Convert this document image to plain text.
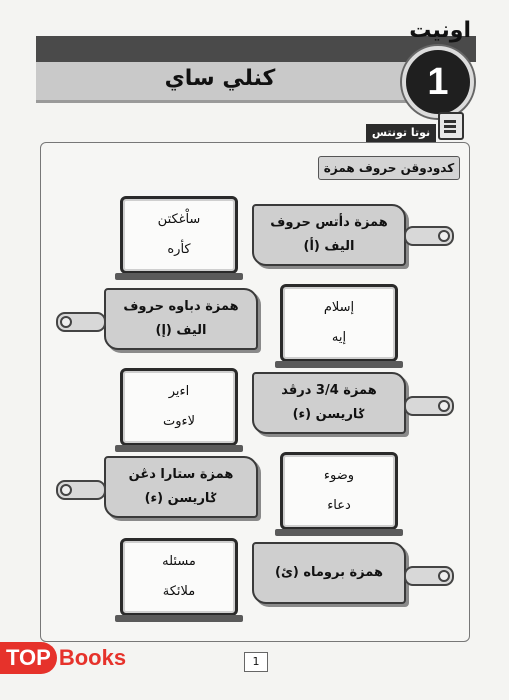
اونيت
1
كنلي ساي
نوتا تونتس
كدودوقن حروف همزة
ساْغكتن
كأره
همزة دأتس حروف
اليف (أ)
همزة دباوه حروف
اليف (إ)
إسلام
إيه
اءير
لاءوت
همزة 3/4 درڤد
ݢاريسن (ء)
همزة ستارا دڠن
ݢاريسن (ء)
وضوء
دعاء
مسئله
ملائكة
همزة بروماه (ئ)
TOP Books	1
